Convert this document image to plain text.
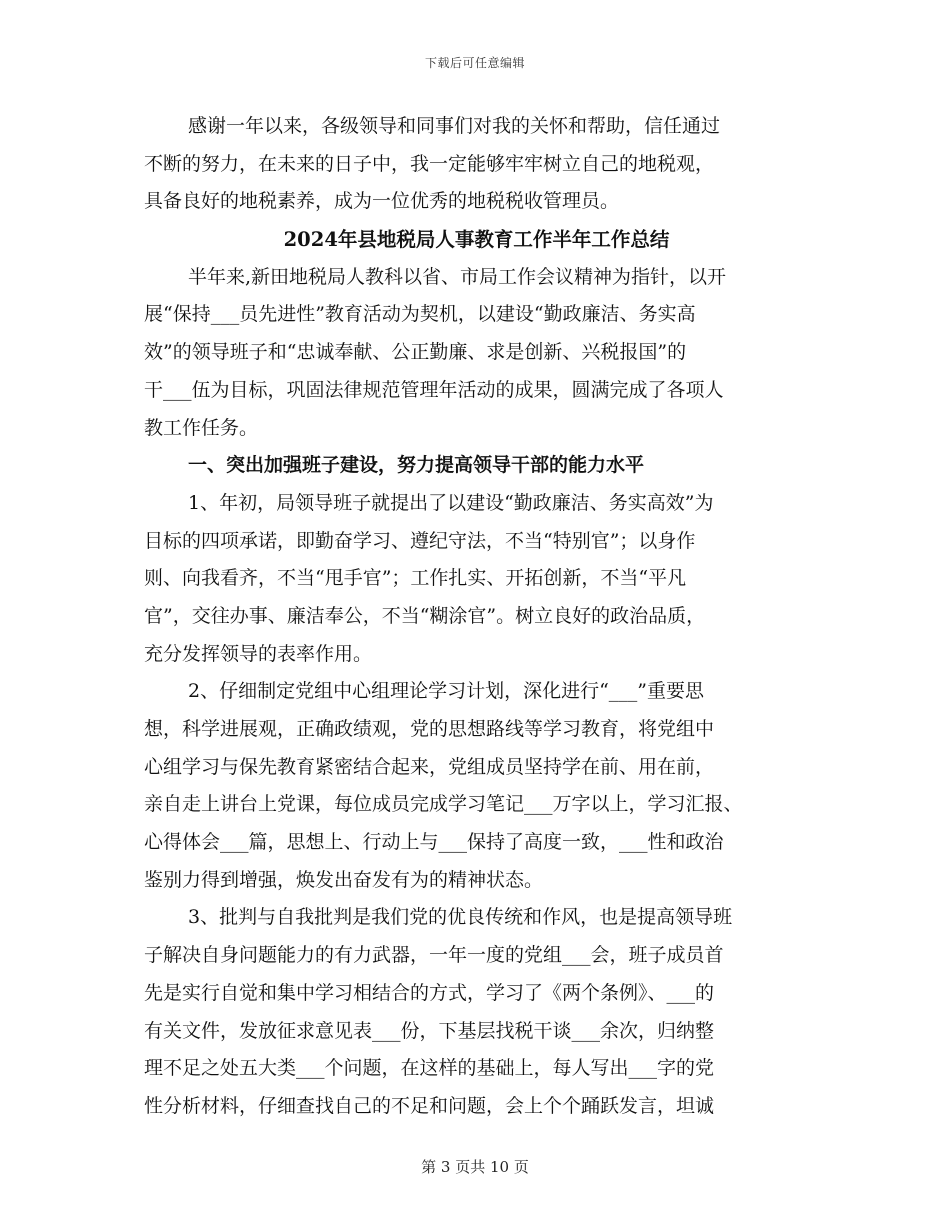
下载后可任意编辑
感谢一年以来，各级领导和同事们对我的关怀和帮助，信任通过
不断的努力，在未来的日子中，我一定能够牢牢树立自己的地税观，
具备良好的地税素养，成为一位优秀的地税税收管理员。
2024年县地税局人事教育工作半年工作总结
半年来,新田地税局人教科以省、市局工作会议精神为指针，以开
展“保持___员先进性”教育活动为契机，以建设“勤政廉洁、务实高
效”的领导班子和“忠诚奉献、公正勤廉、求是创新、兴税报国”的
干___伍为目标，巩固法律规范管理年活动的成果，圆满完成了各项人
教工作任务。
一、突出加强班子建设，努力提高领导干部的能力水平
1、年初，局领导班子就提出了以建设“勤政廉洁、务实高效”为
目标的四项承诺，即勤奋学习、遵纪守法，不当“特别官”；以身作
则、向我看齐，不当“甩手官”；工作扎实、开拓创新，不当“平凡
官”，交往办事、廉洁奉公，不当“糊涂官”。树立良好的政治品质，
充分发挥领导的表率作用。
2、仔细制定党组中心组理论学习计划，深化进行“___”重要思
想，科学进展观，正确政绩观，党的思想路线等学习教育，将党组中
心组学习与保先教育紧密结合起来，党组成员坚持学在前、用在前，
亲自走上讲台上党课，每位成员完成学习笔记___万字以上，学习汇报、
心得体会___篇，思想上、行动上与___保持了高度一致，___性和政治
鉴别力得到增强，焕发出奋发有为的精神状态。
3、批判与自我批判是我们党的优良传统和作风，也是提高领导班
子解决自身问题能力的有力武器，一年一度的党组___会，班子成员首
先是实行自觉和集中学习相结合的方式，学习了《两个条例》、___的
有关文件，发放征求意见表___份，下基层找税干谈___余次，归纳整
理不足之处五大类___个问题，在这样的基础上，每人写出___字的党
性分析材料，仔细查找自己的不足和问题，会上个个踊跃发言，坦诚
第 3 页共 10 页
